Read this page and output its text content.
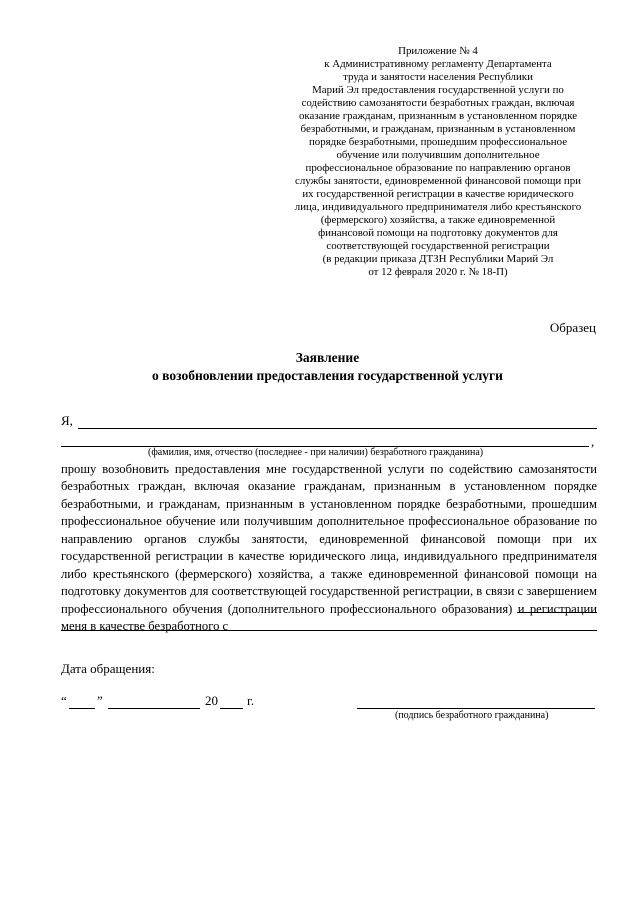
Приложение № 4
к Административному регламенту Департамента
труда и занятости населения Республики
Марий Эл предоставления государственной услуги по
содействию самозанятости безработных граждан, включая
оказание гражданам, признанным в установленном порядке
безработными, и гражданам, признанным в установленном
порядке безработными, прошедшим профессиональное
обучение или получившим дополнительное
профессиональное образование по направлению органов
службы занятости, единовременной финансовой помощи при
их государственной регистрации в качестве юридического
лица, индивидуального предпринимателя либо крестьянского
(фермерского) хозяйства, а также единовременной
финансовой помощи на подготовку документов для
соответствующей государственной регистрации
(в редакции приказа ДТЗН Республики Марий Эл
от 12 февраля 2020 г. № 18-П)
Образец
Заявление
о возобновлении предоставления государственной услуги
Я,
,
(фамилия, имя, отчество (последнее - при наличии) безработного гражданина)
прошу возобновить предоставления мне государственной услуги по содействию самозанятости безработных граждан, включая оказание гражданам, признанным в установленном порядке безработными, и гражданам, признанным в установленном порядке безработными, прошедшим профессиональное обучение или получившим дополнительное профессиональное образование по направлению органов службы занятости, единовременной финансовой помощи при их государственной регистрации в качестве юридического лица, индивидуального предпринимателя либо крестьянского (фермерского) хозяйства, а также единовременной финансовой помощи на подготовку документов для соответствующей государственной регистрации, в связи с завершением профессионального обучения (дополнительного профессионального образования) и регистрации меня в качестве безработного с
Дата обращения:
“ ”	20 г.
(подпись безработного гражданина)
